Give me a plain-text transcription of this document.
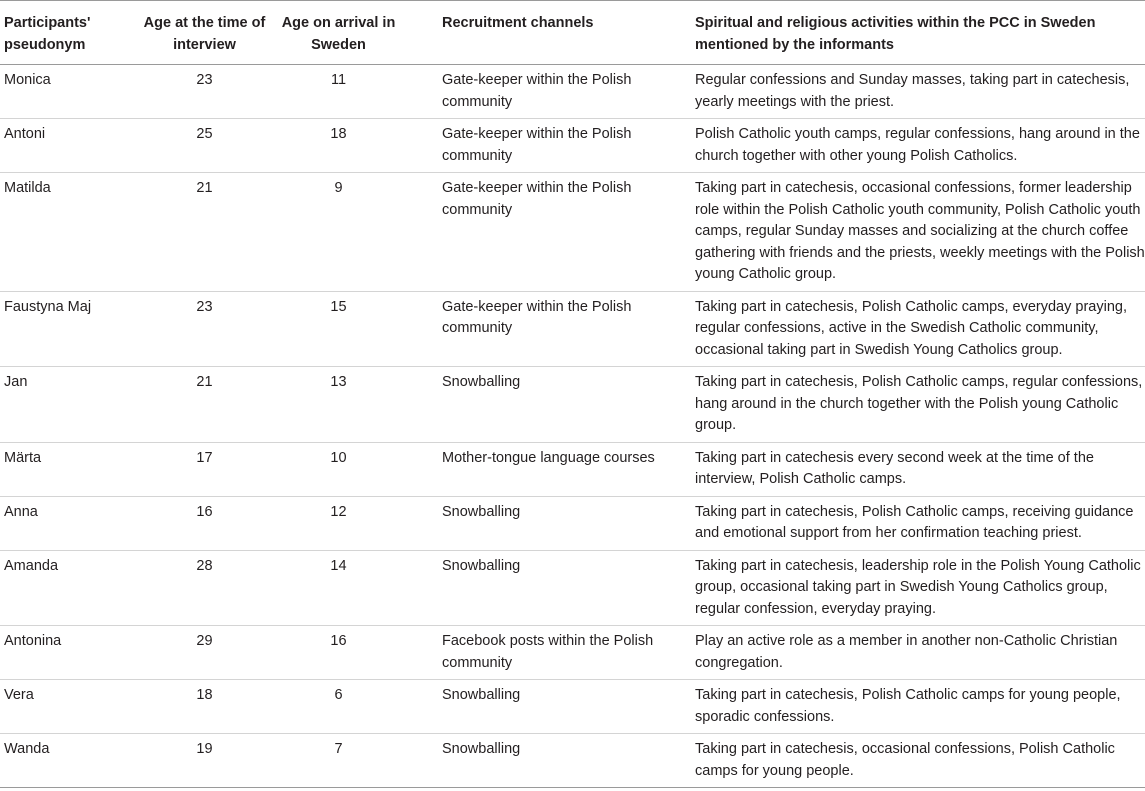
Participants' pseudonym	Age at the time of interview	Age on arrival in Sweden	Recruitment channels	Spiritual and religious activities within the PCC in Sweden mentioned by the informants

Monica	23	11	Gate-keeper within the Polish community	Regular confessions and Sunday masses, taking part in catechesis, yearly meetings with the priest.

Antoni	25	18	Gate-keeper within the Polish community	Polish Catholic youth camps, regular confessions, hang around in the church together with other young Polish Catholics.

Matilda	21	9	Gate-keeper within the Polish community	Taking part in catechesis, occasional confessions, former leadership role within the Polish Catholic youth community, Polish Catholic youth camps, regular Sunday masses and socializing at the church coffee gathering with friends and the priests, weekly meetings with the Polish young Catholic group.

Faustyna Maj	23	15	Gate-keeper within the Polish community	Taking part in catechesis, Polish Catholic camps, everyday praying, regular confessions, active in the Swedish Catholic community, occasional taking part in Swedish Young Catholics group.

Jan	21	13	Snowballing	Taking part in catechesis, Polish Catholic camps, regular confessions, hang around in the church together with the Polish young Catholic group.

Märta	17	10	Mother-tongue language courses	Taking part in catechesis every second week at the time of the interview, Polish Catholic camps.

Anna	16	12	Snowballing	Taking part in catechesis, Polish Catholic camps, receiving guidance and emotional support from her confirmation teaching priest.

Amanda	28	14	Snowballing	Taking part in catechesis, leadership role in the Polish Young Catholic group, occasional taking part in Swedish Young Catholics group, regular confession, everyday praying.

Antonina	29	16	Facebook posts within the Polish community	Play an active role as a member in another non-Catholic Christian congregation.

Vera	18	6	Snowballing	Taking part in catechesis, Polish Catholic camps for young people, sporadic confessions.

Wanda	19	7	Snowballing	Taking part in catechesis, occasional confessions, Polish Catholic camps for young people.
